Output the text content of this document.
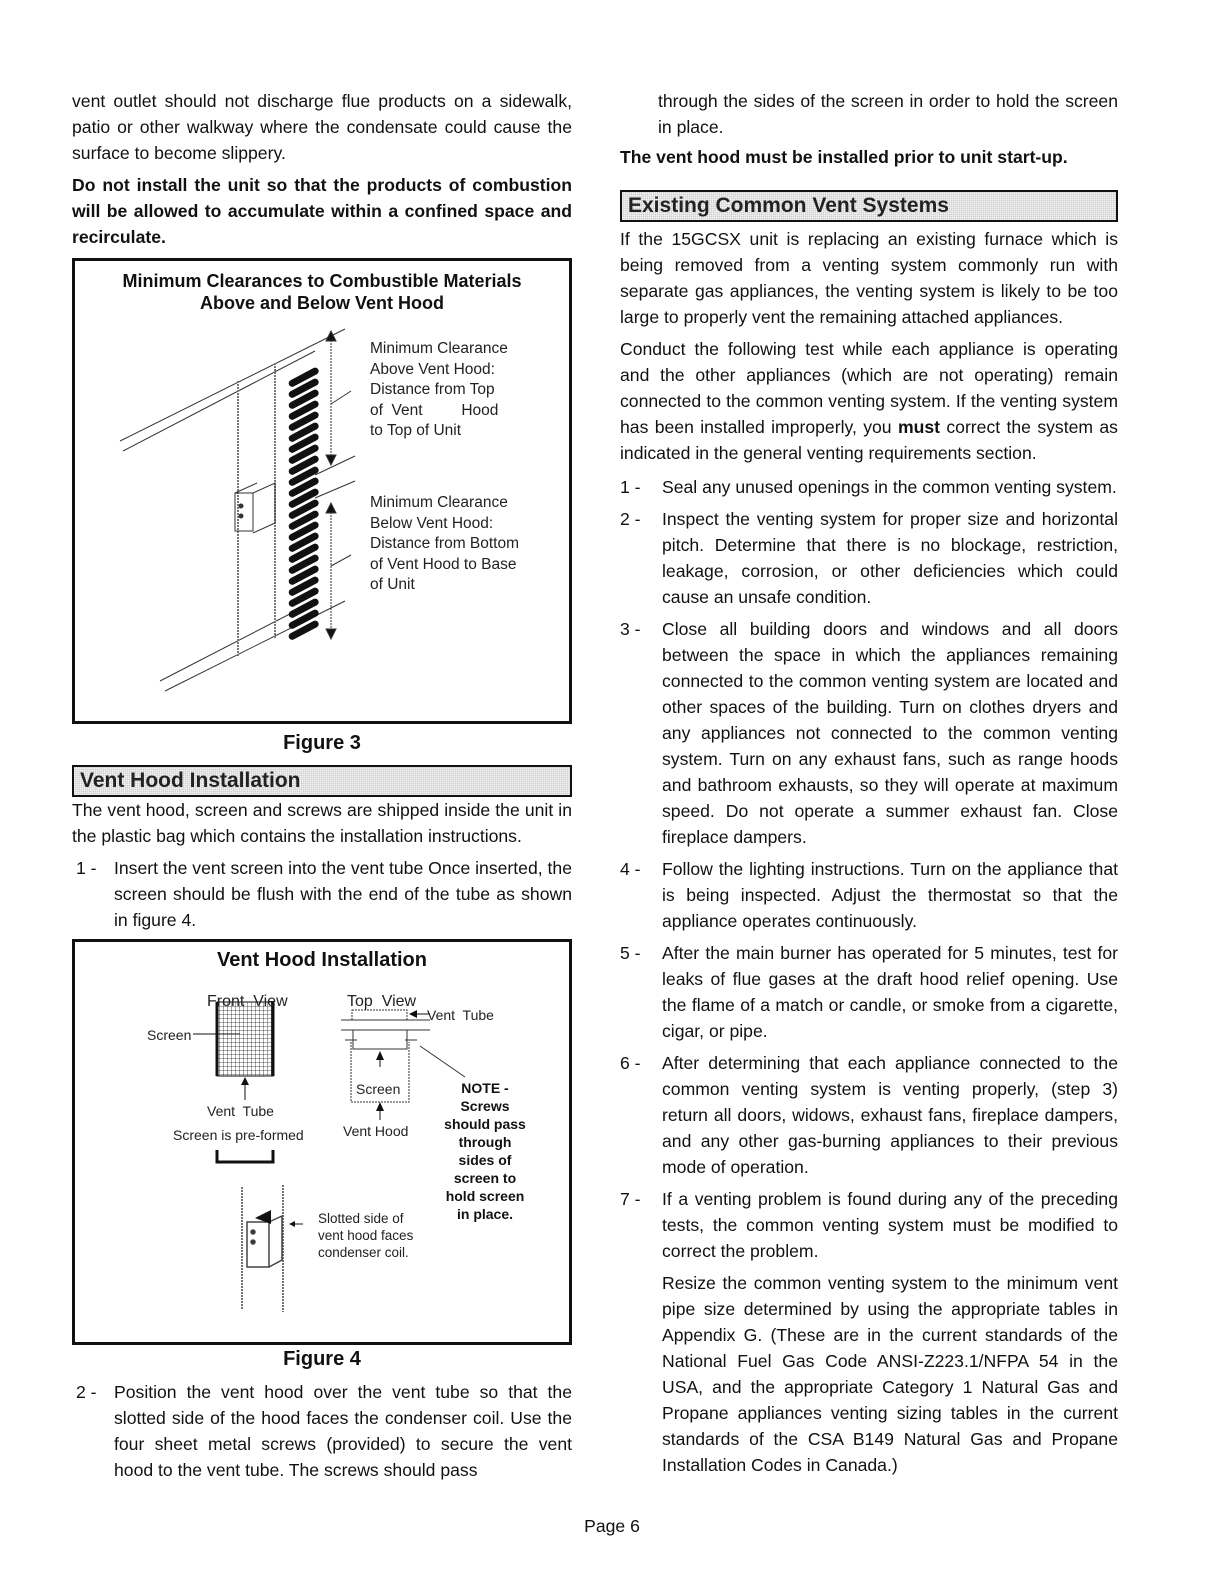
vent outlet should not discharge flue products on a sidewalk, patio or other walkway where the condensate could cause the surface to become slippery.

Do not install the unit so that the products of combustion will be allowed to accumulate within a confined space and recirculate.

Minimum Clearances to Combustible Materials
Above and Below Vent Hood
Minimum Clearance
Above Vent Hood:
Distance from Top
of  Vent         Hood
to Top of Unit
Minimum Clearance
Below Vent Hood:
Distance from Bottom
of Vent Hood to Base
of Unit
Figure 3
Vent Hood Installation

The vent hood, screen and screws are shipped inside the unit in the plastic bag which contains the installation instructions.

1 - Insert the vent screen into the vent tube Once inserted, the screen should be flush with the end of the tube as shown in figure 4.

Vent Hood Installation
Front  View	Top  View
Screen
Vent  Tube
Screen
Vent  Tube
Vent Hood
Screen is pre-formed
NOTE -
Screws
should pass
through
sides of
screen to
hold screen
in place.
Slotted side of
vent hood faces
condenser coil.
Figure 4
2 - Position the vent hood over the vent tube so that the slotted side of the hood faces the condenser coil. Use the four sheet metal screws (provided) to secure the vent hood to the vent tube. The screws should pass

through the sides of the screen in order to hold the screen in place.

The vent hood must be installed prior to unit start-up.

Existing Common Vent Systems

If the 15GCSX unit is replacing an existing furnace which is being removed from a venting system commonly run with separate gas appliances, the venting system is likely to be too large to properly vent the remaining attached appliances.

Conduct the following test while each appliance is operating and the other appliances (which are not operating) remain connected to the common venting system. If the venting system has been installed improperly, you must correct the system as indicated in the general venting requirements section.

1 -	Seal any unused openings in the common venting system.

2 -	Inspect the venting system for proper size and horizontal pitch. Determine that there is no blockage, restriction, leakage, corrosion, or other deficiencies which could cause an unsafe condition.

3 -	Close all building doors and windows and all doors between the space in which the appliances remaining connected to the common venting system are located and other spaces of the building. Turn on clothes dryers and any appliances not connected to the common venting system. Turn on any exhaust fans, such as range hoods and bathroom exhausts, so they will operate at maximum speed. Do not operate a summer exhaust fan. Close fireplace dampers.

4 -	Follow the lighting instructions. Turn on the appliance that is being inspected. Adjust the thermostat so that the appliance operates continuously.

5 -	After the main burner has operated for 5 minutes, test for leaks of flue gases at the draft hood relief opening. Use the flame of a match or candle, or smoke from a cigarette, cigar, or pipe.

6 -	After determining that each appliance connected to the common venting system is venting properly, (step 3) return all doors, widows, exhaust fans, fireplace dampers, and any other gas-burning appliances to their previous mode of operation.

7 -	If a venting problem is found during any of the preceding tests, the common venting system must be modified to correct the problem.

Resize the common venting system to the minimum vent pipe size determined by using the appropriate tables in Appendix G. (These are in the current standards of the National Fuel Gas Code ANSI-Z223.1/NFPA 54 in the USA, and the appropriate Category 1 Natural Gas and Propane appliances venting sizing tables in the current standards of the CSA B149 Natural Gas and Propane Installation Codes in Canada.)

Page 6
